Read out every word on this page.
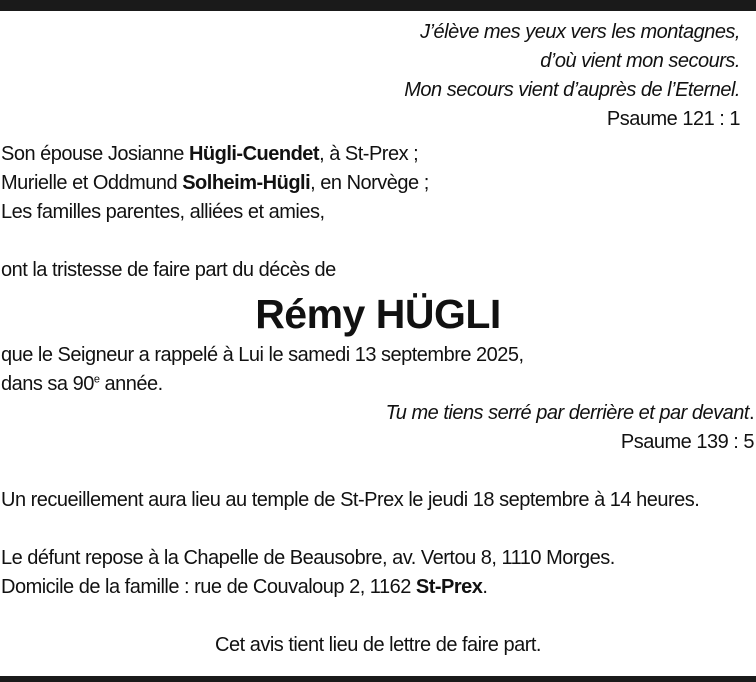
J’élève mes yeux vers les montagnes,
d’où vient mon secours.
Mon secours vient d’auprès de l’Eternel.
Psaume 121 : 1
Son épouse Josianne Hügli-Cuendet, à St-Prex ;
Murielle et Oddmund Solheim-Hügli, en Norvège ;
Les familles parentes, alliées et amies,
ont la tristesse de faire part du décès de
Rémy HÜGLI
que le Seigneur a rappelé à Lui le samedi 13 septembre 2025,
dans sa 90e année.
Tu me tiens serré par derrière et par devant.
Psaume 139 : 5
Un recueillement aura lieu au temple de St-Prex le jeudi 18 septembre à 14 heures.
Le défunt repose à la Chapelle de Beausobre, av. Vertou 8, 1110 Morges.
Domicile de la famille : rue de Couvaloup 2, 1162 St-Prex.
Cet avis tient lieu de lettre de faire part.
